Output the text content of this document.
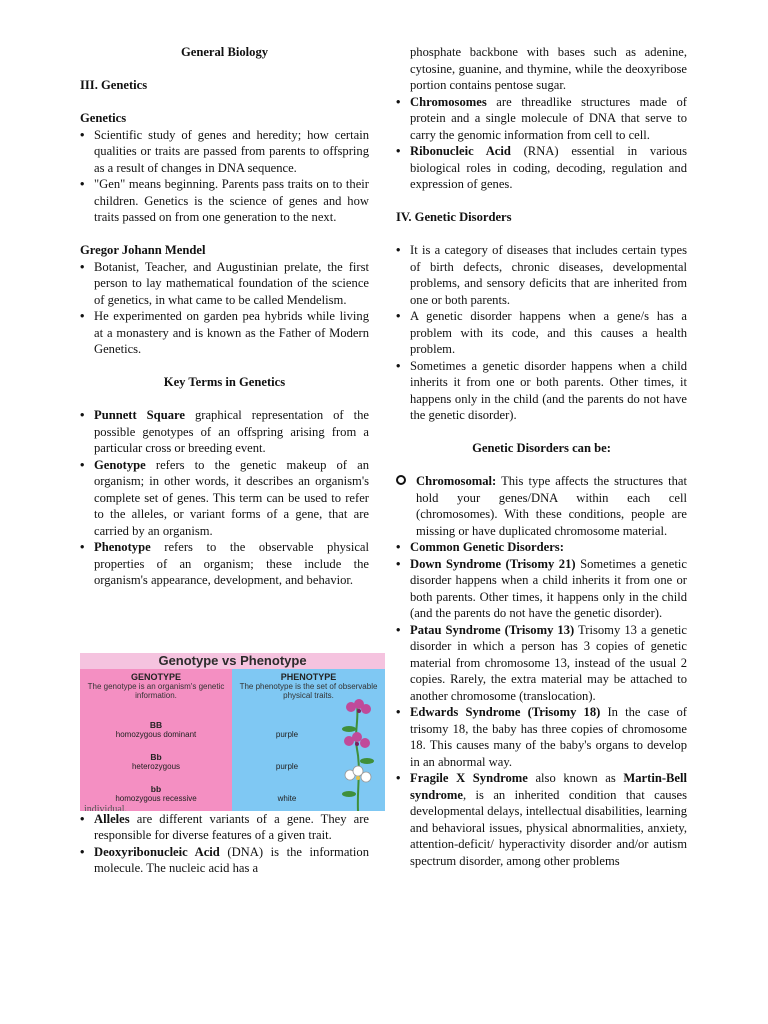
General Biology

III. Genetics

Genetics

• Scientific study of genes and heredity; how certain qualities or traits are passed from parents to offspring as a result of changes in DNA sequence.
• "Gen" means beginning. Parents pass traits on to their children. Genetics is the science of genes and how traits passed on from one generation to the next.

Gregor Johann Mendel

• Botanist, Teacher, and Augustinian prelate, the first person to lay mathematical foundation of the science of genetics, in what came to be called Mendelism.
• He experimented on garden pea hybrids while living at a monastery and is known as the Father of Modern Genetics.

Key Terms in Genetics

• Punnett Square graphical representation of the possible genotypes of an offspring arising from a particular cross or breeding event.
• Genotype refers to the genetic makeup of an organism; in other words, it describes an organism's complete set of genes. This term can be used to refer to the alleles, or variant forms of a gene, that are carried by an organism.
• Phenotype refers to the observable physical properties of an organism; these include the organism's appearance, development, and behavior.
Genotype vs Phenotype
GENOTYPE
The genotype is an organism's genetic information.
BB
homozygous dominant
Bb
heterozygous
bb
homozygous recessive
PHENOTYPE
The phenotype is the set of observable physical traits.
purple
purple
white
individual.
• Alleles are different variants of a gene. They are responsible for diverse features of a given trait.
• Deoxyribonucleic Acid (DNA) is the information molecule. The nucleic acid has a

phosphate backbone with bases such as adenine, cytosine, guanine, and thymine, while the deoxyribose portion contains pentose sugar.

• Chromosomes are threadlike structures made of protein and a single molecule of DNA that serve to carry the genomic information from cell to cell.
• Ribonucleic Acid (RNA) essential in various biological roles in coding, decoding, regulation and expression of genes.

IV. Genetic Disorders

• It is a category of diseases that includes certain types of birth defects, chronic diseases, developmental problems, and sensory deficits that are inherited from one or both parents.
• A genetic disorder happens when a gene/s has a problem with its code, and this causes a health problem.
• Sometimes a genetic disorder happens when a child inherits it from one or both parents. Other times, it happens only in the child (and the parents do not have the genetic disorder).

Genetic Disorders can be:

Chromosomal: This type affects the structures that hold your genes/DNA within each cell (chromosomes). With these conditions, people are missing or have duplicated chromosome material.
• Common Genetic Disorders:
• Down Syndrome (Trisomy 21) Sometimes a genetic disorder happens when a child inherits it from one or both parents. Other times, it happens only in the child (and the parents do not have the genetic disorder).
• Patau Syndrome (Trisomy 13) Trisomy 13 a genetic disorder in which a person has 3 copies of genetic material from chromosome 13, instead of the usual 2 copies. Rarely, the extra material may be attached to another chromosome (translocation).
• Edwards Syndrome (Trisomy 18) In the case of trisomy 18, the baby has three copies of chromosome 18. This causes many of the baby's organs to develop in an abnormal way.
• Fragile X Syndrome also known as Martin-Bell syndrome, is an inherited condition that causes developmental delays, intellectual disabilities, learning and behavioral issues, physical abnormalities, anxiety, attention-deficit/ hyperactivity disorder and/or autism spectrum disorder, among other problems
